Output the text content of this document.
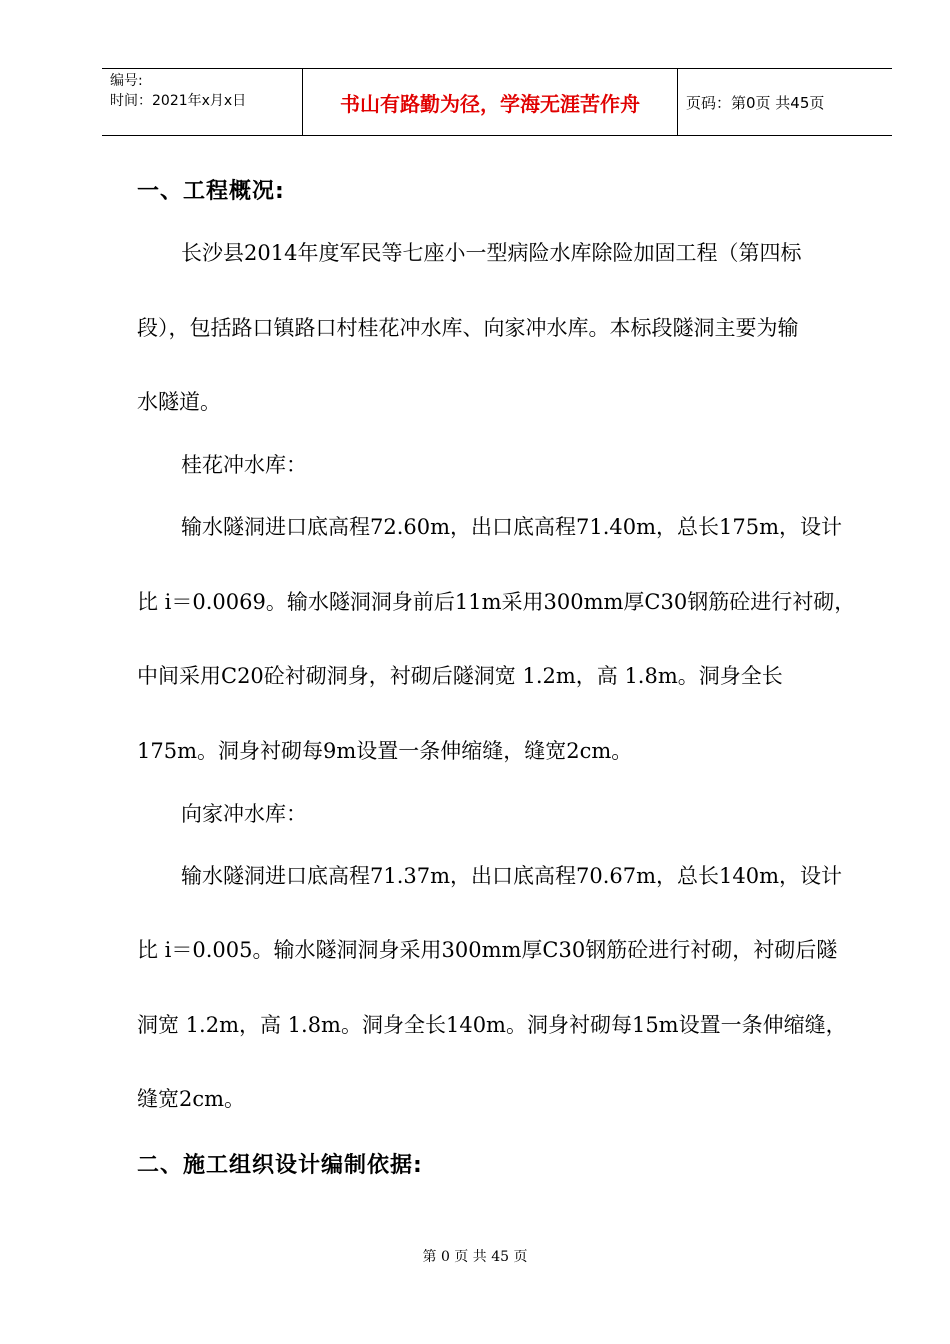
编号:
时间：2021年x月x日	书山有路勤为径，学海无涯苦作舟	页码：第0页 共45页
一、工程概况:
长沙县2014年度军民等七座小一型病险水库除险加固工程（第四标
段），包括路口镇路口村桂花冲水库、向家冲水库。本标段隧洞主要为输
水隧道。
桂花冲水库：
输水隧洞进口底高程72.60m，出口底高程71.40m，总长175m，设计
比 i＝0.0069。输水隧洞洞身前后11m采用300mm厚C30钢筋砼进行衬砌，
中间采用C20砼衬砌洞身，衬砌后隧洞宽 1.2m，高 1.8m。洞身全长
175m。洞身衬砌每9m设置一条伸缩缝，缝宽2cm。
向家冲水库：
输水隧洞进口底高程71.37m，出口底高程70.67m，总长140m，设计
比 i＝0.005。输水隧洞洞身采用300mm厚C30钢筋砼进行衬砌，衬砌后隧
洞宽 1.2m，高 1.8m。洞身全长140m。洞身衬砌每15m设置一条伸缩缝，
缝宽2cm。
二、施工组织设计编制依据:
第 0 页 共 45 页
